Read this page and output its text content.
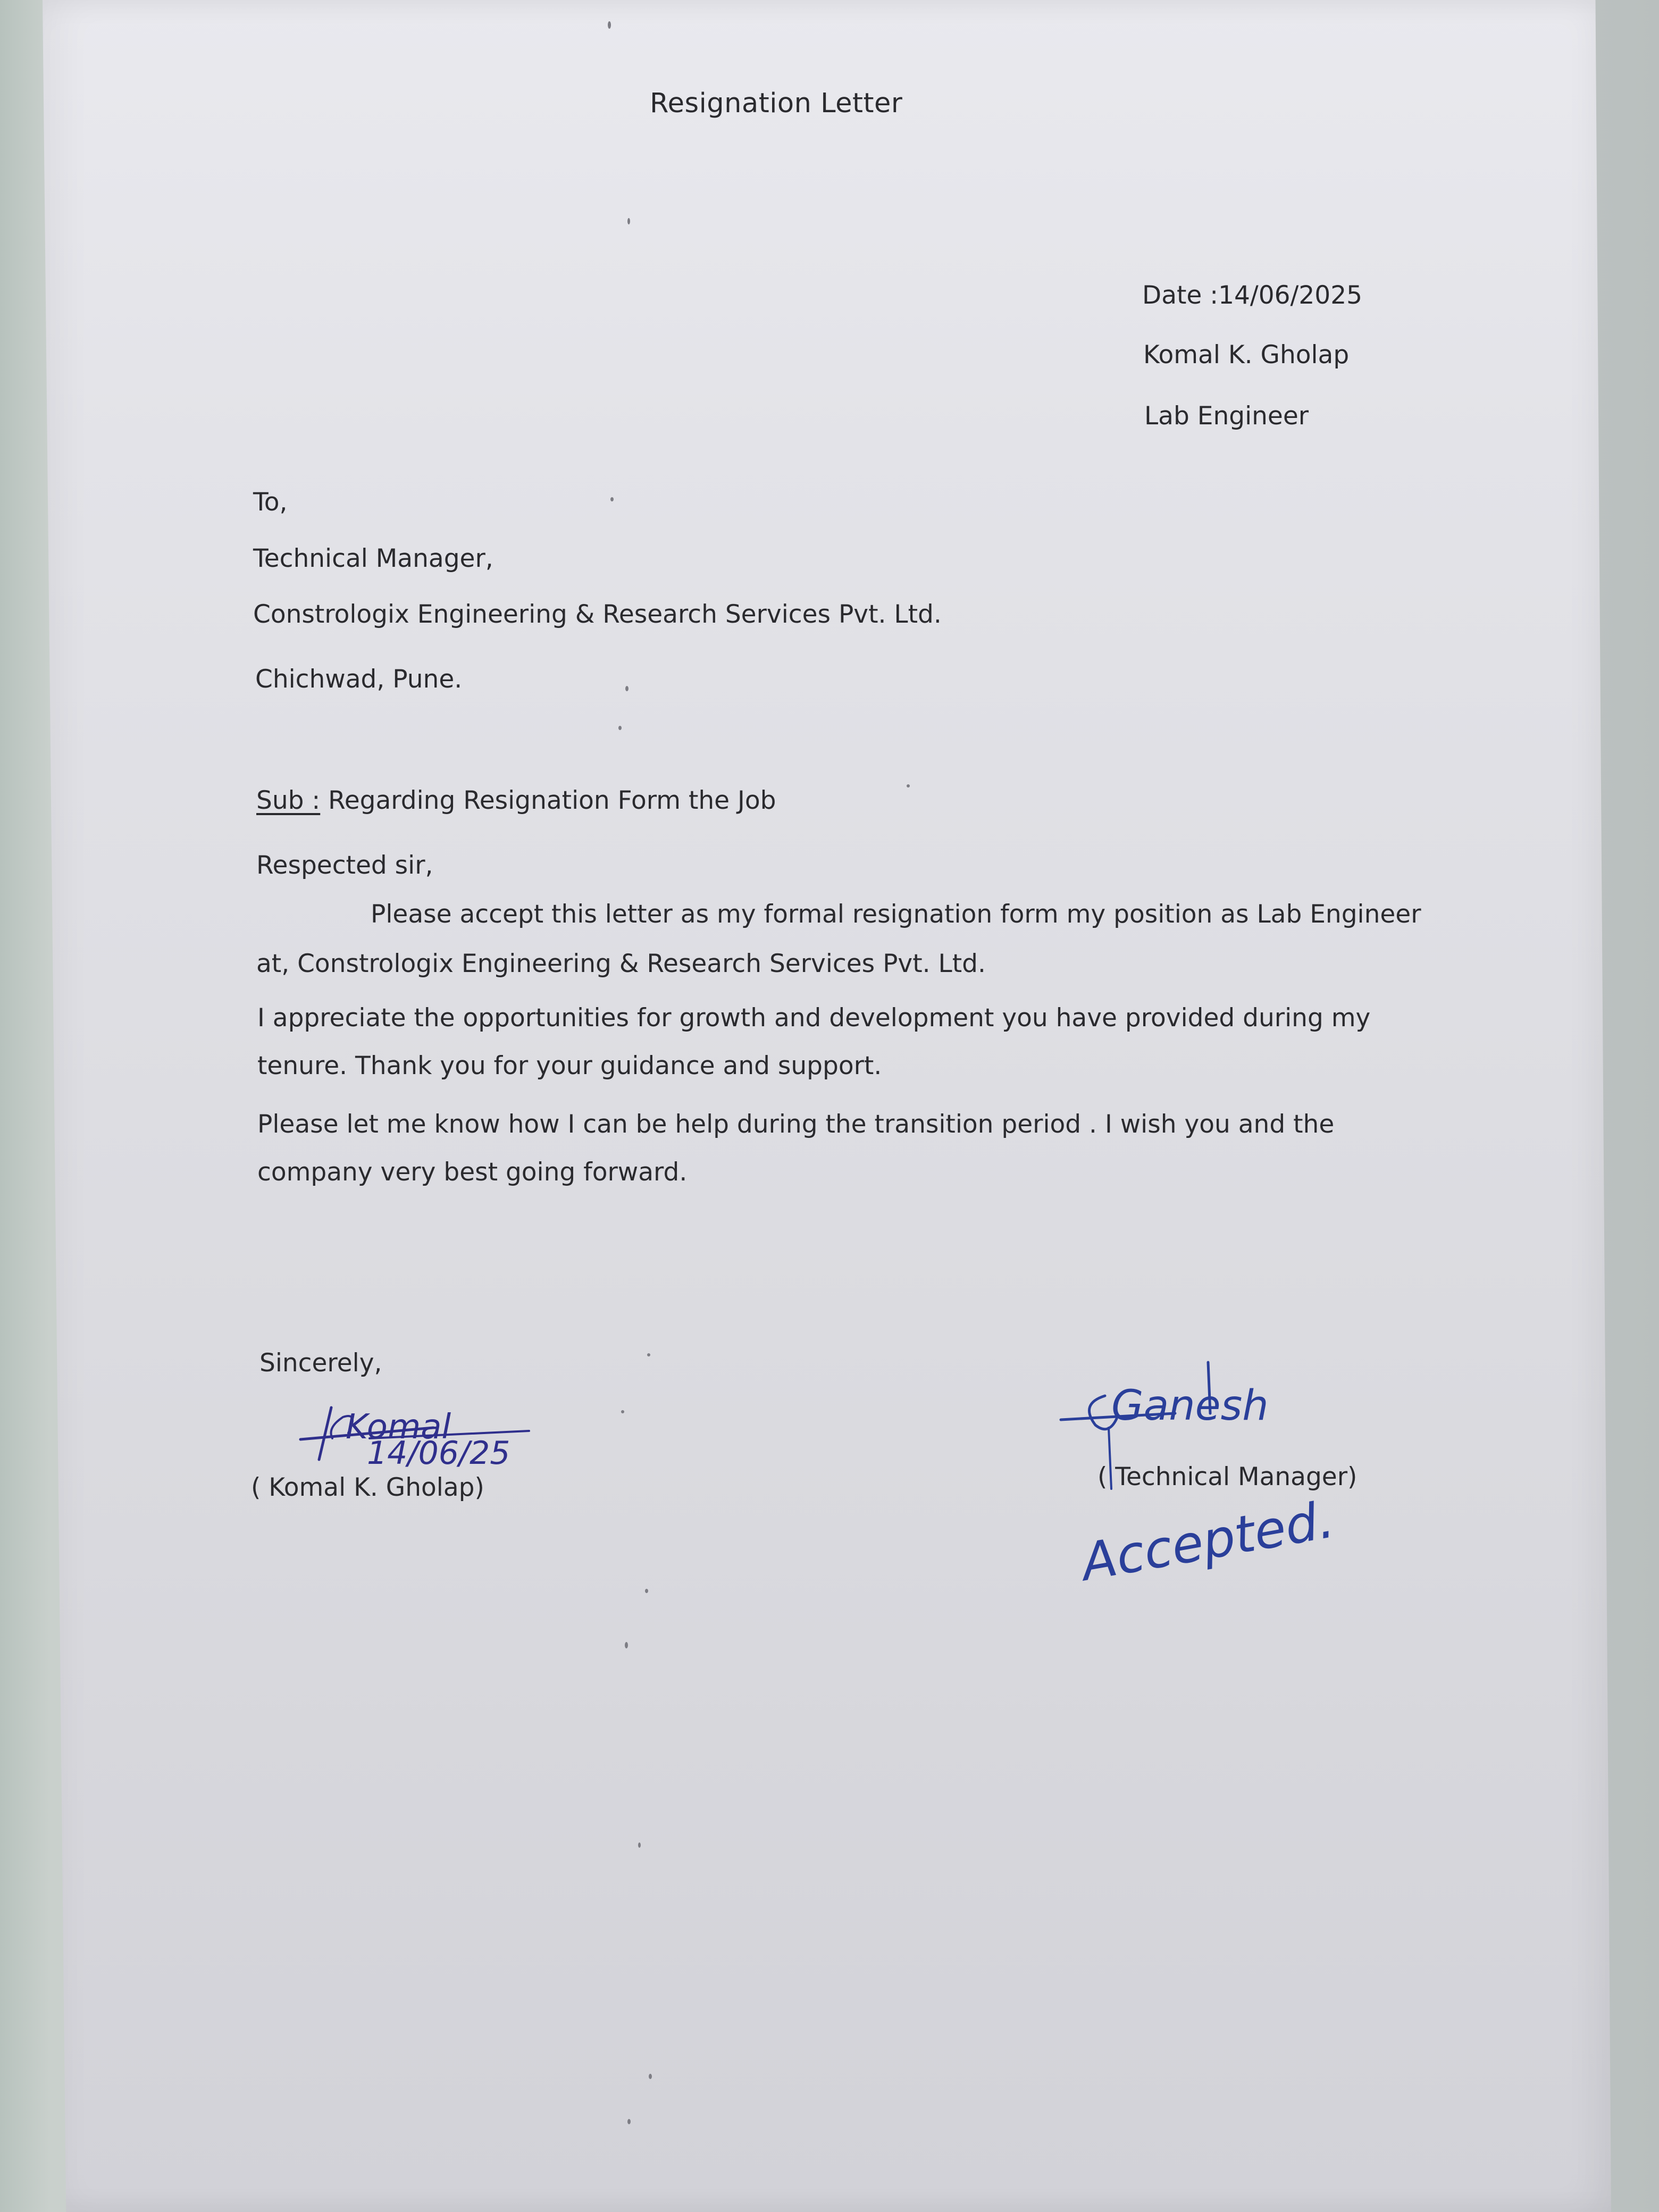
Resignation Letter
Date :14/06/2025
Komal K. Gholap
Lab Engineer
To,
Technical Manager,
Constrologix Engineering & Research Services Pvt. Ltd.
Chichwad, Pune.
Sub : Regarding Resignation Form the Job
Respected sir,
Please accept this letter as my formal resignation form my position as Lab Engineer
at, Constrologix Engineering & Research Services Pvt. Ltd.
I appreciate the opportunities for growth and development you have provided during my tenure. Thank you for your guidance and support.
Please let me know how I can be help during the transition period . I wish you and the company very best going forward.
Sincerely,
Komal
14/06/25
( Komal K. Gholap)
Ganesh
( Technical Manager)
Accepted.
